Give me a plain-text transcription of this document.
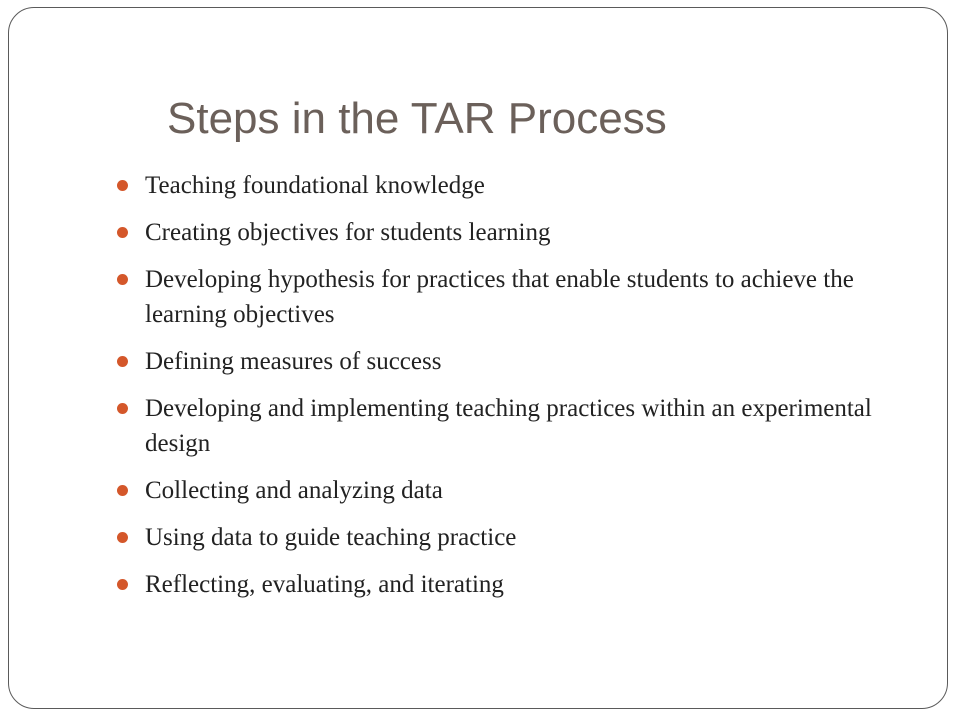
Steps in the TAR Process
Teaching foundational knowledge
Creating objectives for students learning
Developing hypothesis for practices that enable students to achieve the learning objectives
Defining measures of success
Developing and implementing teaching practices within an experimental design
Collecting and analyzing data
Using data to guide teaching practice
Reflecting, evaluating, and iterating
